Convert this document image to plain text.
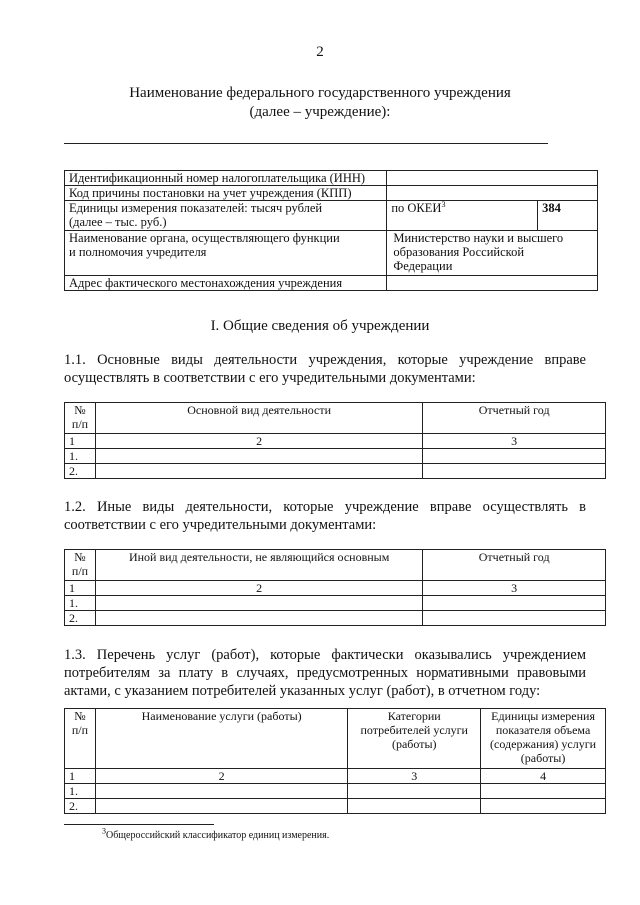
2
Наименование федерального государственного учреждения
(далее – учреждение):
Идентификационный номер налогоплательщика (ИНН)		
Код причины постановки на учет учреждения (КПП)		

Единицы измерения показателей: тысяч рублей
(далее – тыс. руб.)	по ОКЕИ$^3$	384

Наименование органа, осуществляющего функции
и полномочия учредителя	Министерство науки и высшего образования Российской Федерации	
Адрес фактического местонахождения учреждения		
I. Общие сведения об учреждении
1.1. Основные виды деятельности учреждения, которые учреждение вправе осуществлять в соответствии с его учредительными документами:
№
п/п	Основной вид деятельности	Отчетный год
1	2	3
1.		
2.		
1.2. Иные виды деятельности, которые учреждение вправе осуществлять в соответствии с его учредительными документами:
№
п/п	Иной вид деятельности, не являющийся основным	Отчетный год
1	2	3
1.		
2.		
1.3. Перечень услуг (работ), которые фактически оказывались учреждением потребителям за плату в случаях, предусмотренных нормативными правовыми актами, с указанием потребителей указанных услуг (работ), в отчетном году:
№
п/п	Наименование услуги (работы)	Категории потребителей услуги (работы)	Единицы измерения показателя объема (содержания) услуги (работы)
1	2	3	4
1.			
2.			
$^3$Общероссийский классификатор единиц измерения.
